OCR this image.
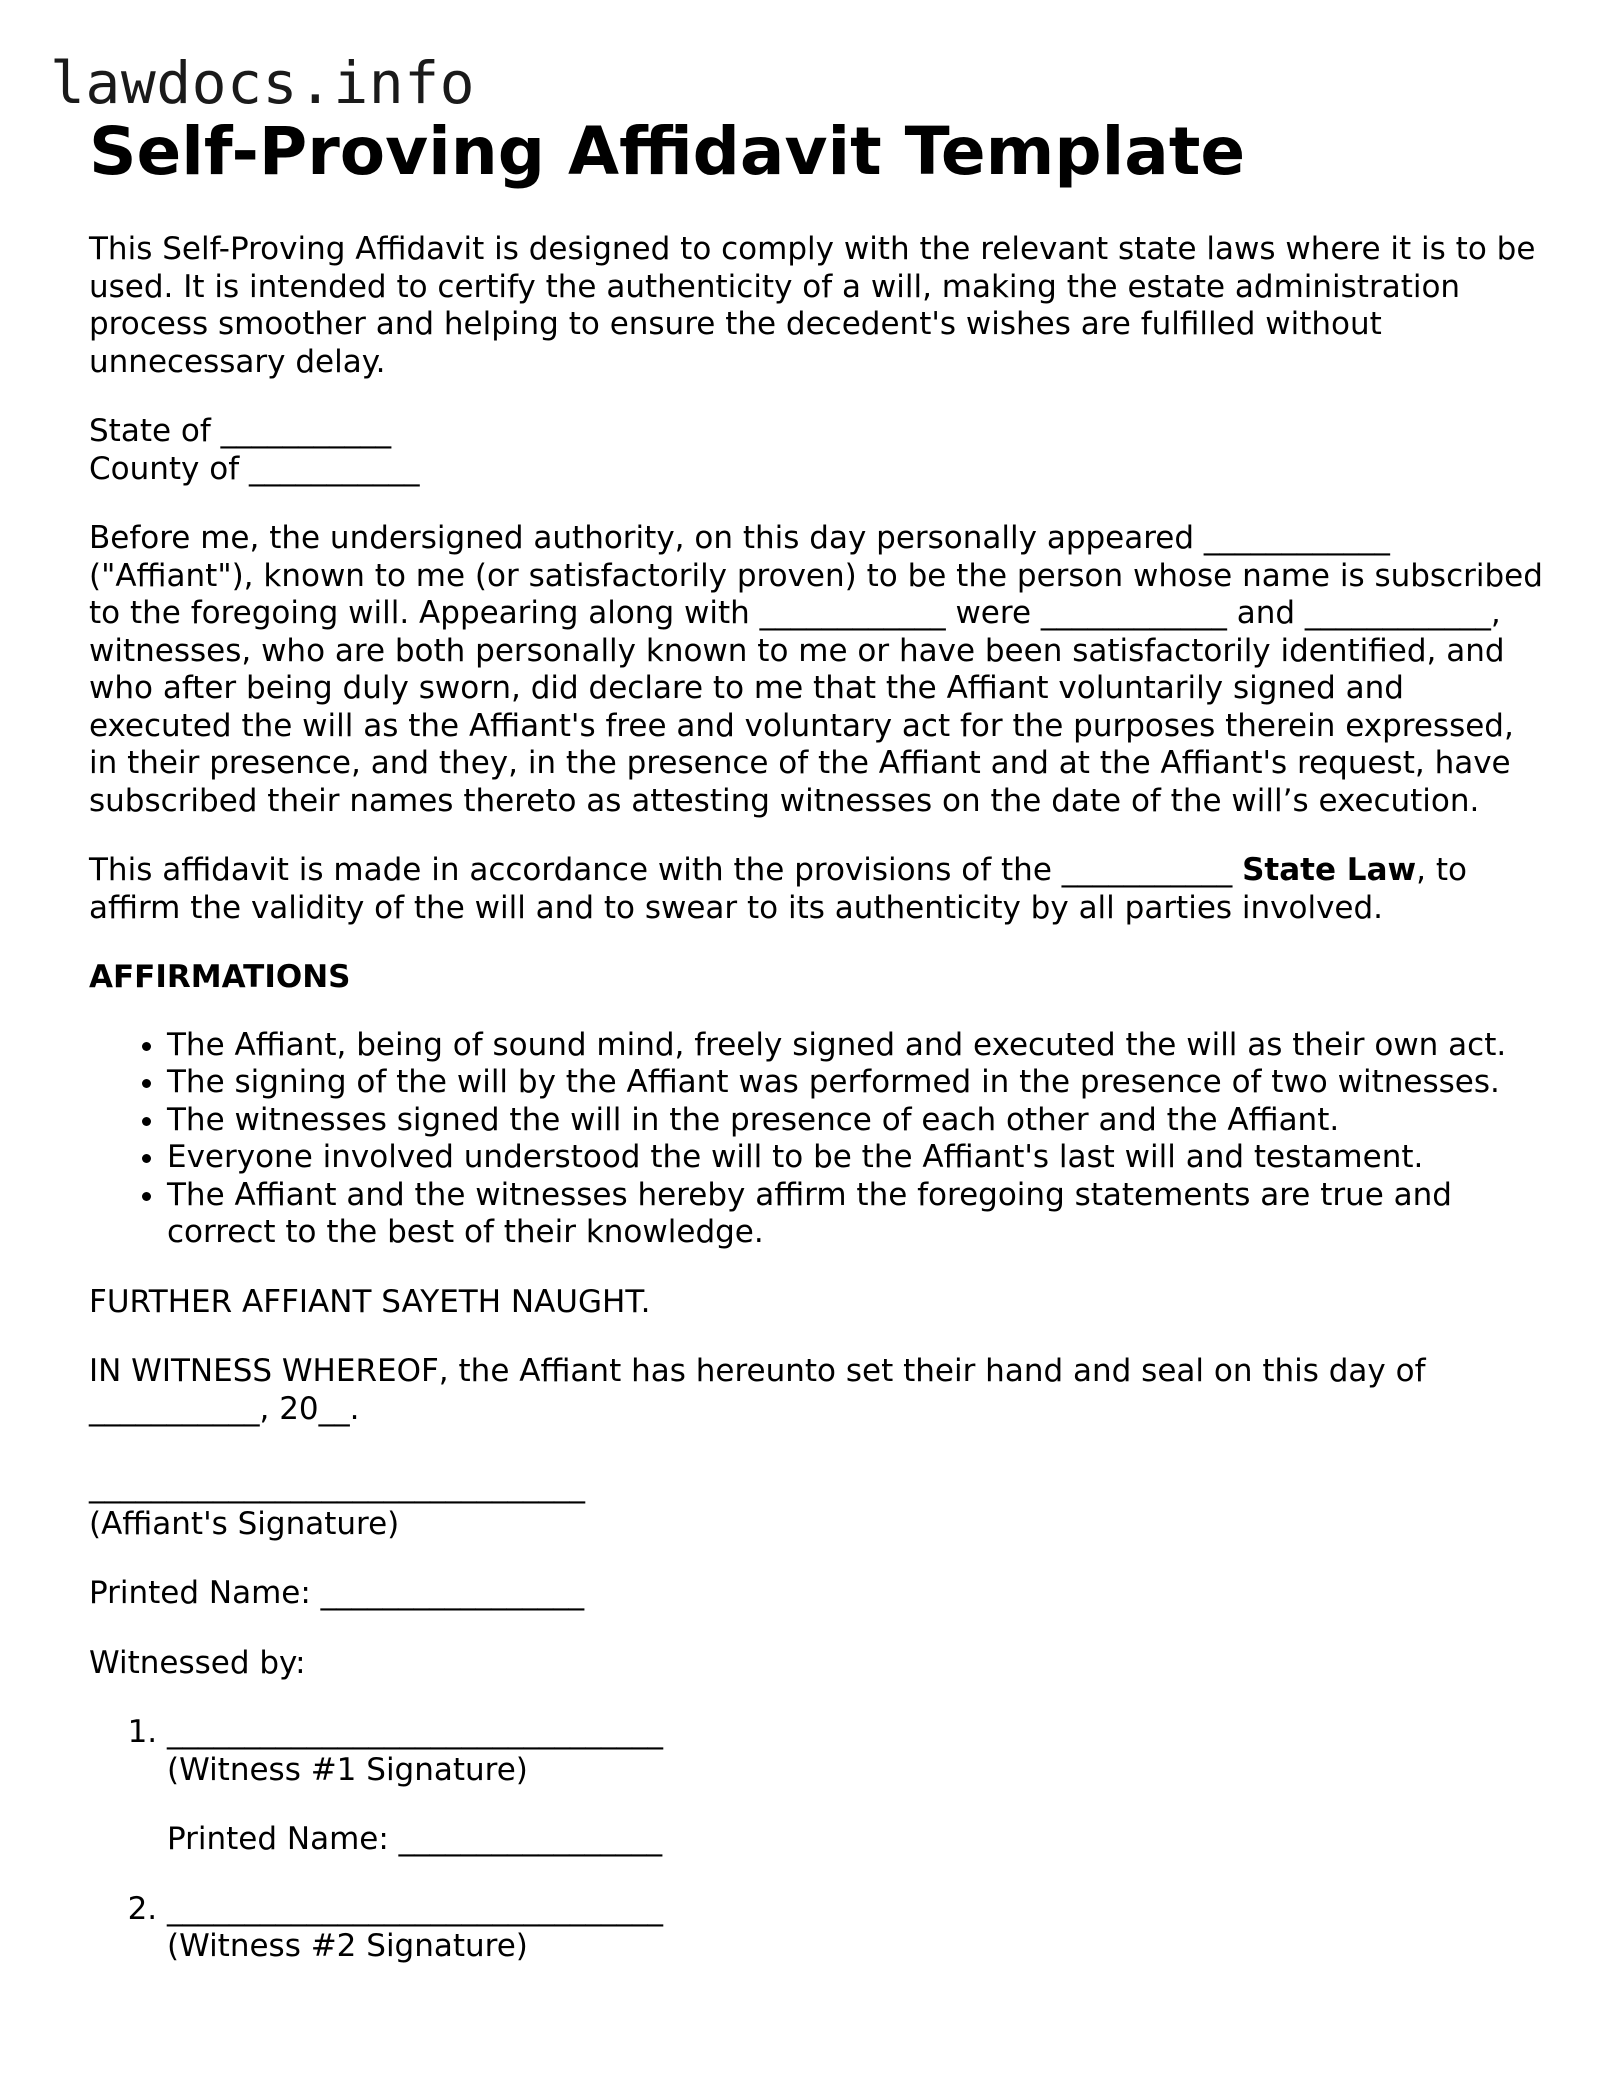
lawdocs.info
Self-Proving Affidavit Template

This Self-Proving Affidavit is designed to comply with the relevant state laws where it is to be used. It is intended to certify the authenticity of a will, making the estate administration process smoother and helping to ensure the decedent's wishes are fulfilled without unnecessary delay.

State of ___________
County of ___________

Before me, the undersigned authority, on this day personally appeared ____________ ("Affiant"), known to me (or satisfactorily proven) to be the person whose name is subscribed to the foregoing will. Appearing along with ____________ were ____________ and ____________, witnesses, who are both personally known to me or have been satisfactorily identified, and who after being duly sworn, did declare to me that the Affiant voluntarily signed and executed the will as the Affiant's free and voluntary act for the purposes therein expressed, in their presence, and they, in the presence of the Affiant and at the Affiant's request, have subscribed their names thereto as attesting witnesses on the date of the will’s execution.

This affidavit is made in accordance with the provisions of the ___________ State Law, to affirm the validity of the will and to swear to its authenticity by all parties involved.

AFFIRMATIONS

• The Affiant, being of sound mind, freely signed and executed the will as their own act.
• The signing of the will by the Affiant was performed in the presence of two witnesses.
• The witnesses signed the will in the presence of each other and the Affiant.
• Everyone involved understood the will to be the Affiant's last will and testament.
• The Affiant and the witnesses hereby affirm the foregoing statements are true and correct to the best of their knowledge.

FURTHER AFFIANT SAYETH NAUGHT.

IN WITNESS WHEREOF, the Affiant has hereunto set their hand and seal on this day of ___________, 20__.

________________________________
(Affiant's Signature)

Printed Name: _________________

Witnessed by:

1. ________________________________
(Witness #1 Signature)

Printed Name: _________________

2. ________________________________
(Witness #2 Signature)
